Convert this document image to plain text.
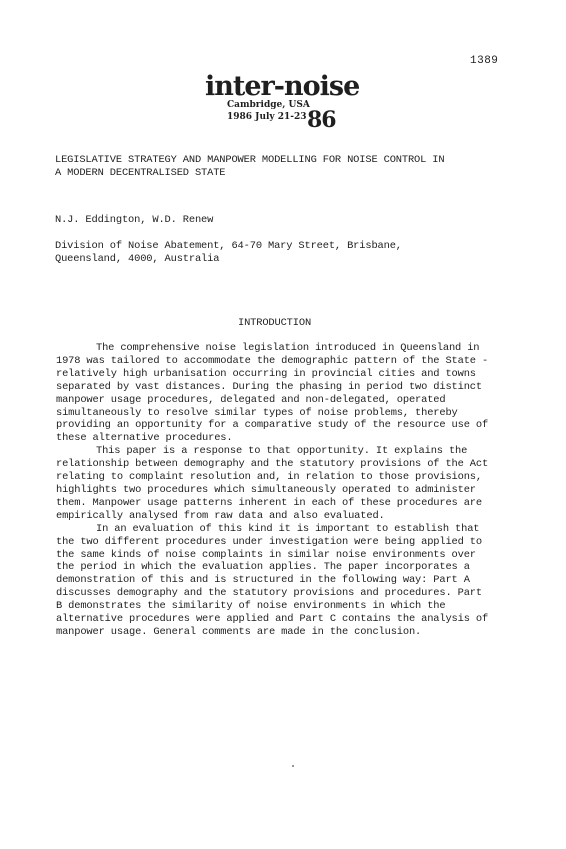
1389
inter-noise
Cambridge, USA
1986 July 21-23 86
LEGISLATIVE STRATEGY AND MANPOWER MODELLING FOR NOISE CONTROL IN
A MODERN DECENTRALISED STATE
N.J. Eddington, W.D. Renew
Division of Noise Abatement, 64-70 Mary Street, Brisbane,
Queensland, 4000, Australia
INTRODUCTION
The comprehensive noise legislation introduced in Queensland in 1978 was tailored to accommodate the demographic pattern of the State - relatively high urbanisation occurring in provincial cities and towns separated by vast distances. During the phasing in period two distinct manpower usage procedures, delegated and non-delegated, operated simultaneously to resolve similar types of noise problems, thereby providing an opportunity for a comparative study of the resource use of these alternative procedures.
This paper is a response to that opportunity. It explains the relationship between demography and the statutory provisions of the Act relating to complaint resolution and, in relation to those provisions, highlights two procedures which simultaneously operated to administer them. Manpower usage patterns inherent in each of these procedures are empirically analysed from raw data and also evaluated.
In an evaluation of this kind it is important to establish that the two different procedures under investigation were being applied to the same kinds of noise complaints in similar noise environments over the period in which the evaluation applies. The paper incorporates a demonstration of this and is structured in the following way: Part A discusses demography and the statutory provisions and procedures. Part B demonstrates the similarity of noise environments in which the alternative procedures were applied and Part C contains the analysis of manpower usage. General comments are made in the conclusion.
